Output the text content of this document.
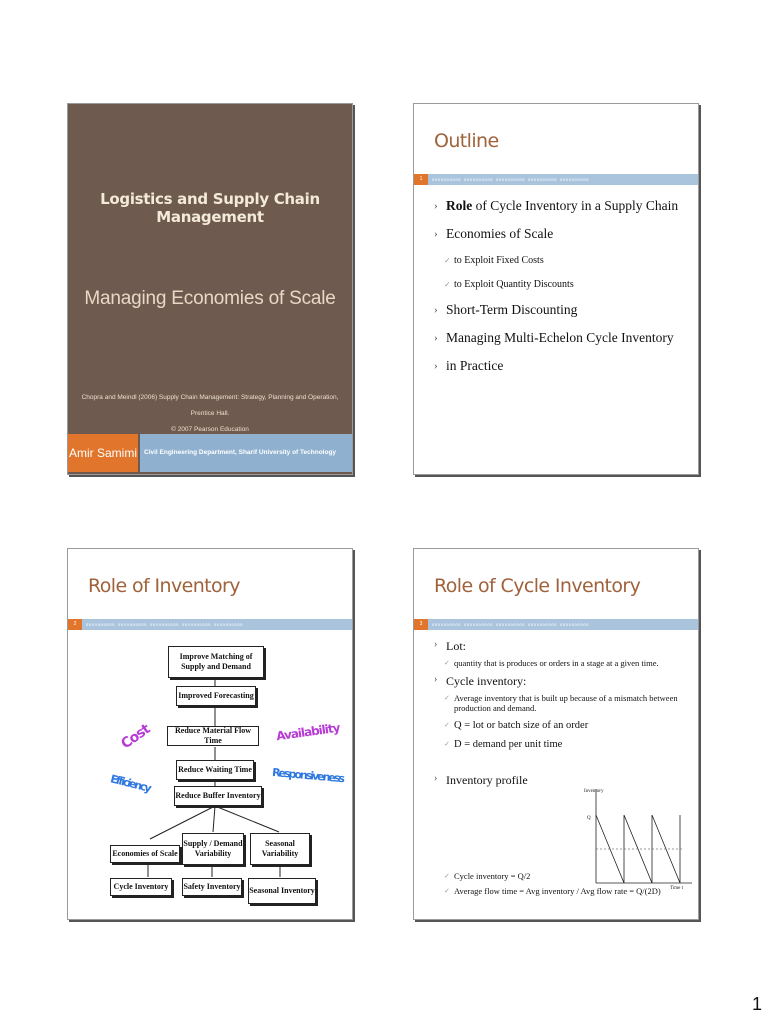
Logistics and Supply Chain Management
Managing Economies of Scale
Chopra and Meindl (2006) Supply Chain Management: Strategy, Planning and Operation, Prentice Hall.
© 2007 Pearson Education
Amir Samimi	Civil Engineering Department, Sharif University of Technology
Outline
1	oooooooooo oooooooooo oooooooooo oooooooooo oooooooooo
› Role of Cycle Inventory in a Supply Chain
› Economies of Scale
✓ to Exploit Fixed Costs
✓ to Exploit Quantity Discounts
› Short-Term Discounting
› Managing Multi-Echelon Cycle Inventory
› in Practice
Role of Inventory
2	oooooooooo oooooooooo oooooooooo oooooooooo oooooooooo
Improve Matching of Supply and Demand
Improved Forecasting
Reduce Material Flow Time
Reduce Waiting Time
Reduce Buffer Inventory
Economies of Scale
Supply / Demand Variability
Seasonal Variability
Cycle Inventory	Safety Inventory Seasonal Inventory
Cost	Availability
Efficiency	Responsiveness
Role of Cycle Inventory
3	oooooooooo oooooooooo oooooooooo oooooooooo oooooooooo
› Lot:
✓ quantity that is produces or orders in a stage at a given time.
› Cycle inventory:
✓ Average inventory that is built up because of a mismatch between production and demand.
✓ Q = lot or batch size of an order
✓ D = demand per unit time
› Inventory profile
Inventory
Q
Time t
✓ Cycle inventory = Q/2
✓ Average flow time = Avg inventory / Avg flow rate = Q/(2D)
1
